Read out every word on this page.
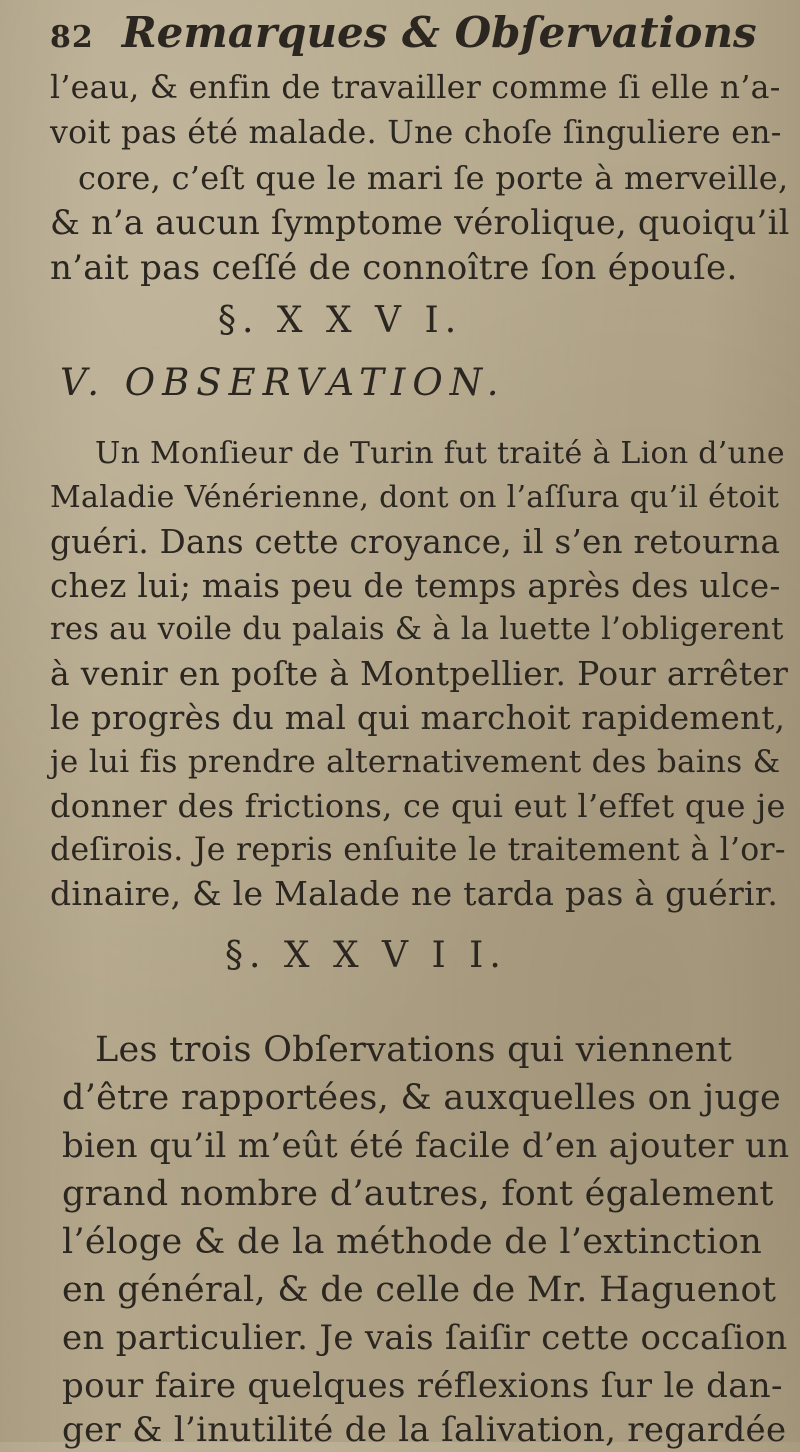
82 Remarques & Obſervations
l’eau, & enfin de travailler comme ſi elle n’a-
voit pas été malade. Une choſe ſinguliere en-
core, c’eſt que le mari ſe porte à merveille,
& n’a aucun ſymptome vérolique, quoiqu’il
n’ait pas ceſſé de connoître ſon épouſe.
§. X X V I.
V. OBSERVATION.
Un Monſieur de Turin fut traité à Lion d’une
Maladie Vénérienne, dont on l’aſſura qu’il étoit
guéri. Dans cette croyance, il s’en retourna
chez lui; mais peu de temps après des ulce-
res au voile du palais & à la luette l’obligerent
à venir en poſte à Montpellier. Pour arrêter
le progrès du mal qui marchoit rapidement,
je lui fis prendre alternativement des bains &
donner des frictions, ce qui eut l’effet que je
deſirois. Je repris enſuite le traitement à l’or-
dinaire, & le Malade ne tarda pas à guérir.
§. X X V I I.
Les trois Obſervations qui viennent
d’être rapportées, & auxquelles on juge
bien qu’il m’eût été facile d’en ajouter un
grand nombre d’autres, font également
l’éloge & de la méthode de l’extinction
en général, & de celle de Mr. Haguenot
en particulier. Je vais ſaiſir cette occaſion
pour faire quelques réflexions ſur le dan-
ger & l’inutilité de la ſalivation, regardée
